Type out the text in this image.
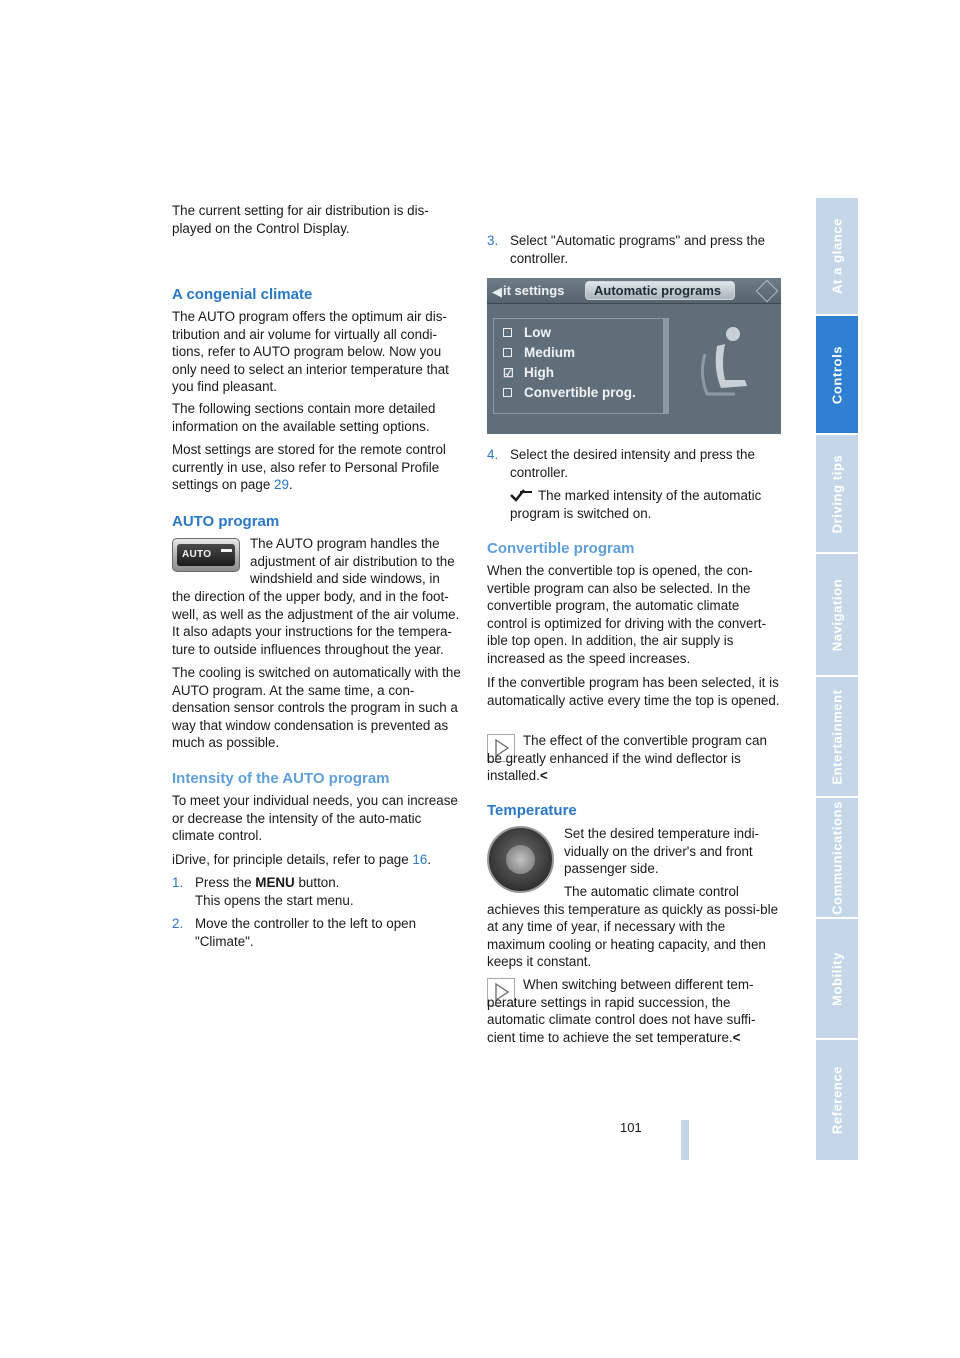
The current setting for air distribution is dis-played on the Control Display.

A congenial climate

The AUTO program offers the optimum air dis-tribution and air volume for virtually all condi-tions, refer to AUTO program below. Now you only need to select an interior temperature that you find pleasant.

The following sections contain more detailed information on the available setting options.

Most settings are stored for the remote control currently in use, also refer to Personal Profile settings on page 29.

AUTO program
AUTO

The AUTO program handles the adjustment of air distribution to the windshield and side windows, in

the direction of the upper body, and in the foot-well, as well as the adjustment of the air volume. It also adapts your instructions for the tempera-ture to outside influences throughout the year.

The cooling is switched on automatically with the AUTO program. At the same time, a con-densation sensor controls the program in such a way that window condensation is prevented as much as possible.

Intensity of the AUTO program

To meet your individual needs, you can increase or decrease the intensity of the auto-matic climate control.

iDrive, for principle details, refer to page 16.

1. Press the MENU button.
This opens the start menu.
2. Move the controller to the left to open "Climate".
3. Select "Automatic programs" and press the controller.
◀ it settings	Automatic programs
Low
Medium
☑ High
Convertible prog.
4. Select the desired intensity and press the controller.

The marked intensity of the automatic program is switched on.

Convertible program

When the convertible top is opened, the con-vertible program can also be selected. In the convertible program, the automatic climate control is optimized for driving with the convert-ible top open. In addition, the air supply is increased as the speed increases.

If the convertible program has been selected, it is automatically active every time the top is opened.

The effect of the convertible program can be greatly enhanced if the wind deflector is installed.<

Temperature

Set the desired temperature indi-vidually on the driver's and front passenger side.

The automatic climate control achieves this temperature as quickly as possi-ble at any time of year, if necessary with the maximum cooling or heating capacity, and then keeps it constant.

When switching between different tem-perature settings in rapid succession, the automatic climate control does not have suffi-cient time to achieve the set temperature.<

At a glance
Controls
Driving tips
Navigation
Entertainment
Communications
Mobility
Reference
101
